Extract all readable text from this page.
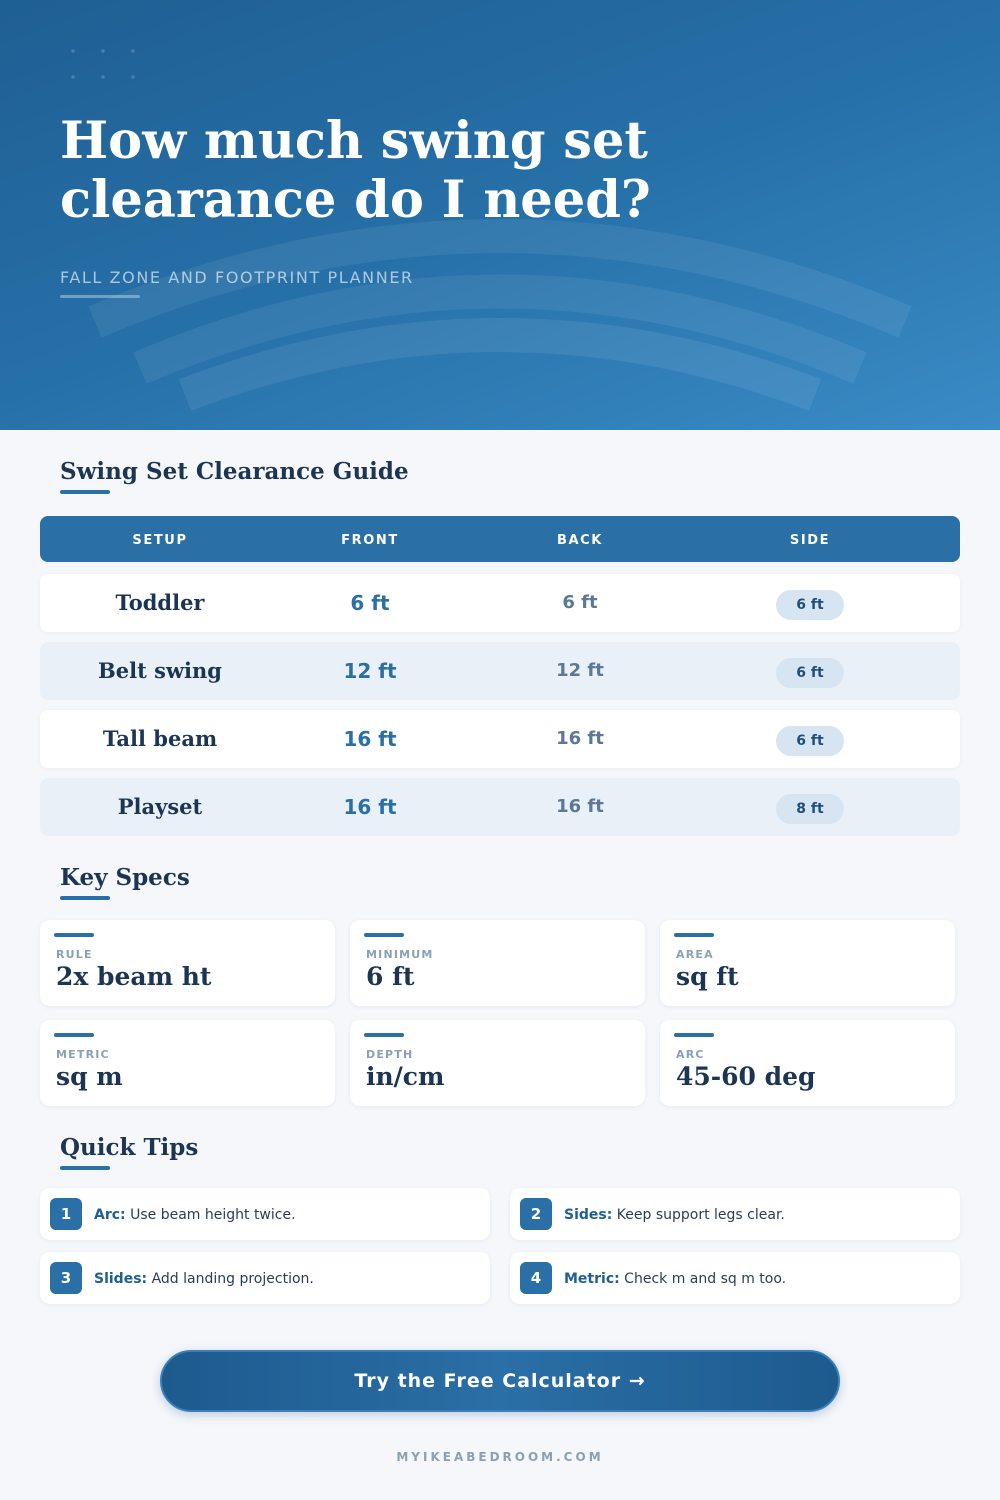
How much swing set
clearance do I need?
FALL ZONE AND FOOTPRINT PLANNER
Swing Set Clearance Guide
SETUP	FRONT	BACK	SIDE
Toddler	6 ft	6 ft	6 ft
Belt swing	12 ft	12 ft	6 ft
Tall beam	16 ft	16 ft	6 ft
Playset	16 ft	16 ft	8 ft
Key Specs
RULE
2x beam ht
MINIMUM
6 ft
AREA
sq ft
METRIC
sq m
DEPTH
in/cm
ARC
45-60 deg
Quick Tips
1	Arc: Use beam height twice.	2	Sides: Keep support legs clear.
3	Slides: Add landing projection.	4	Metric: Check m and sq m too.
Try the Free Calculator →
MYIKEABEDROOM.COM
